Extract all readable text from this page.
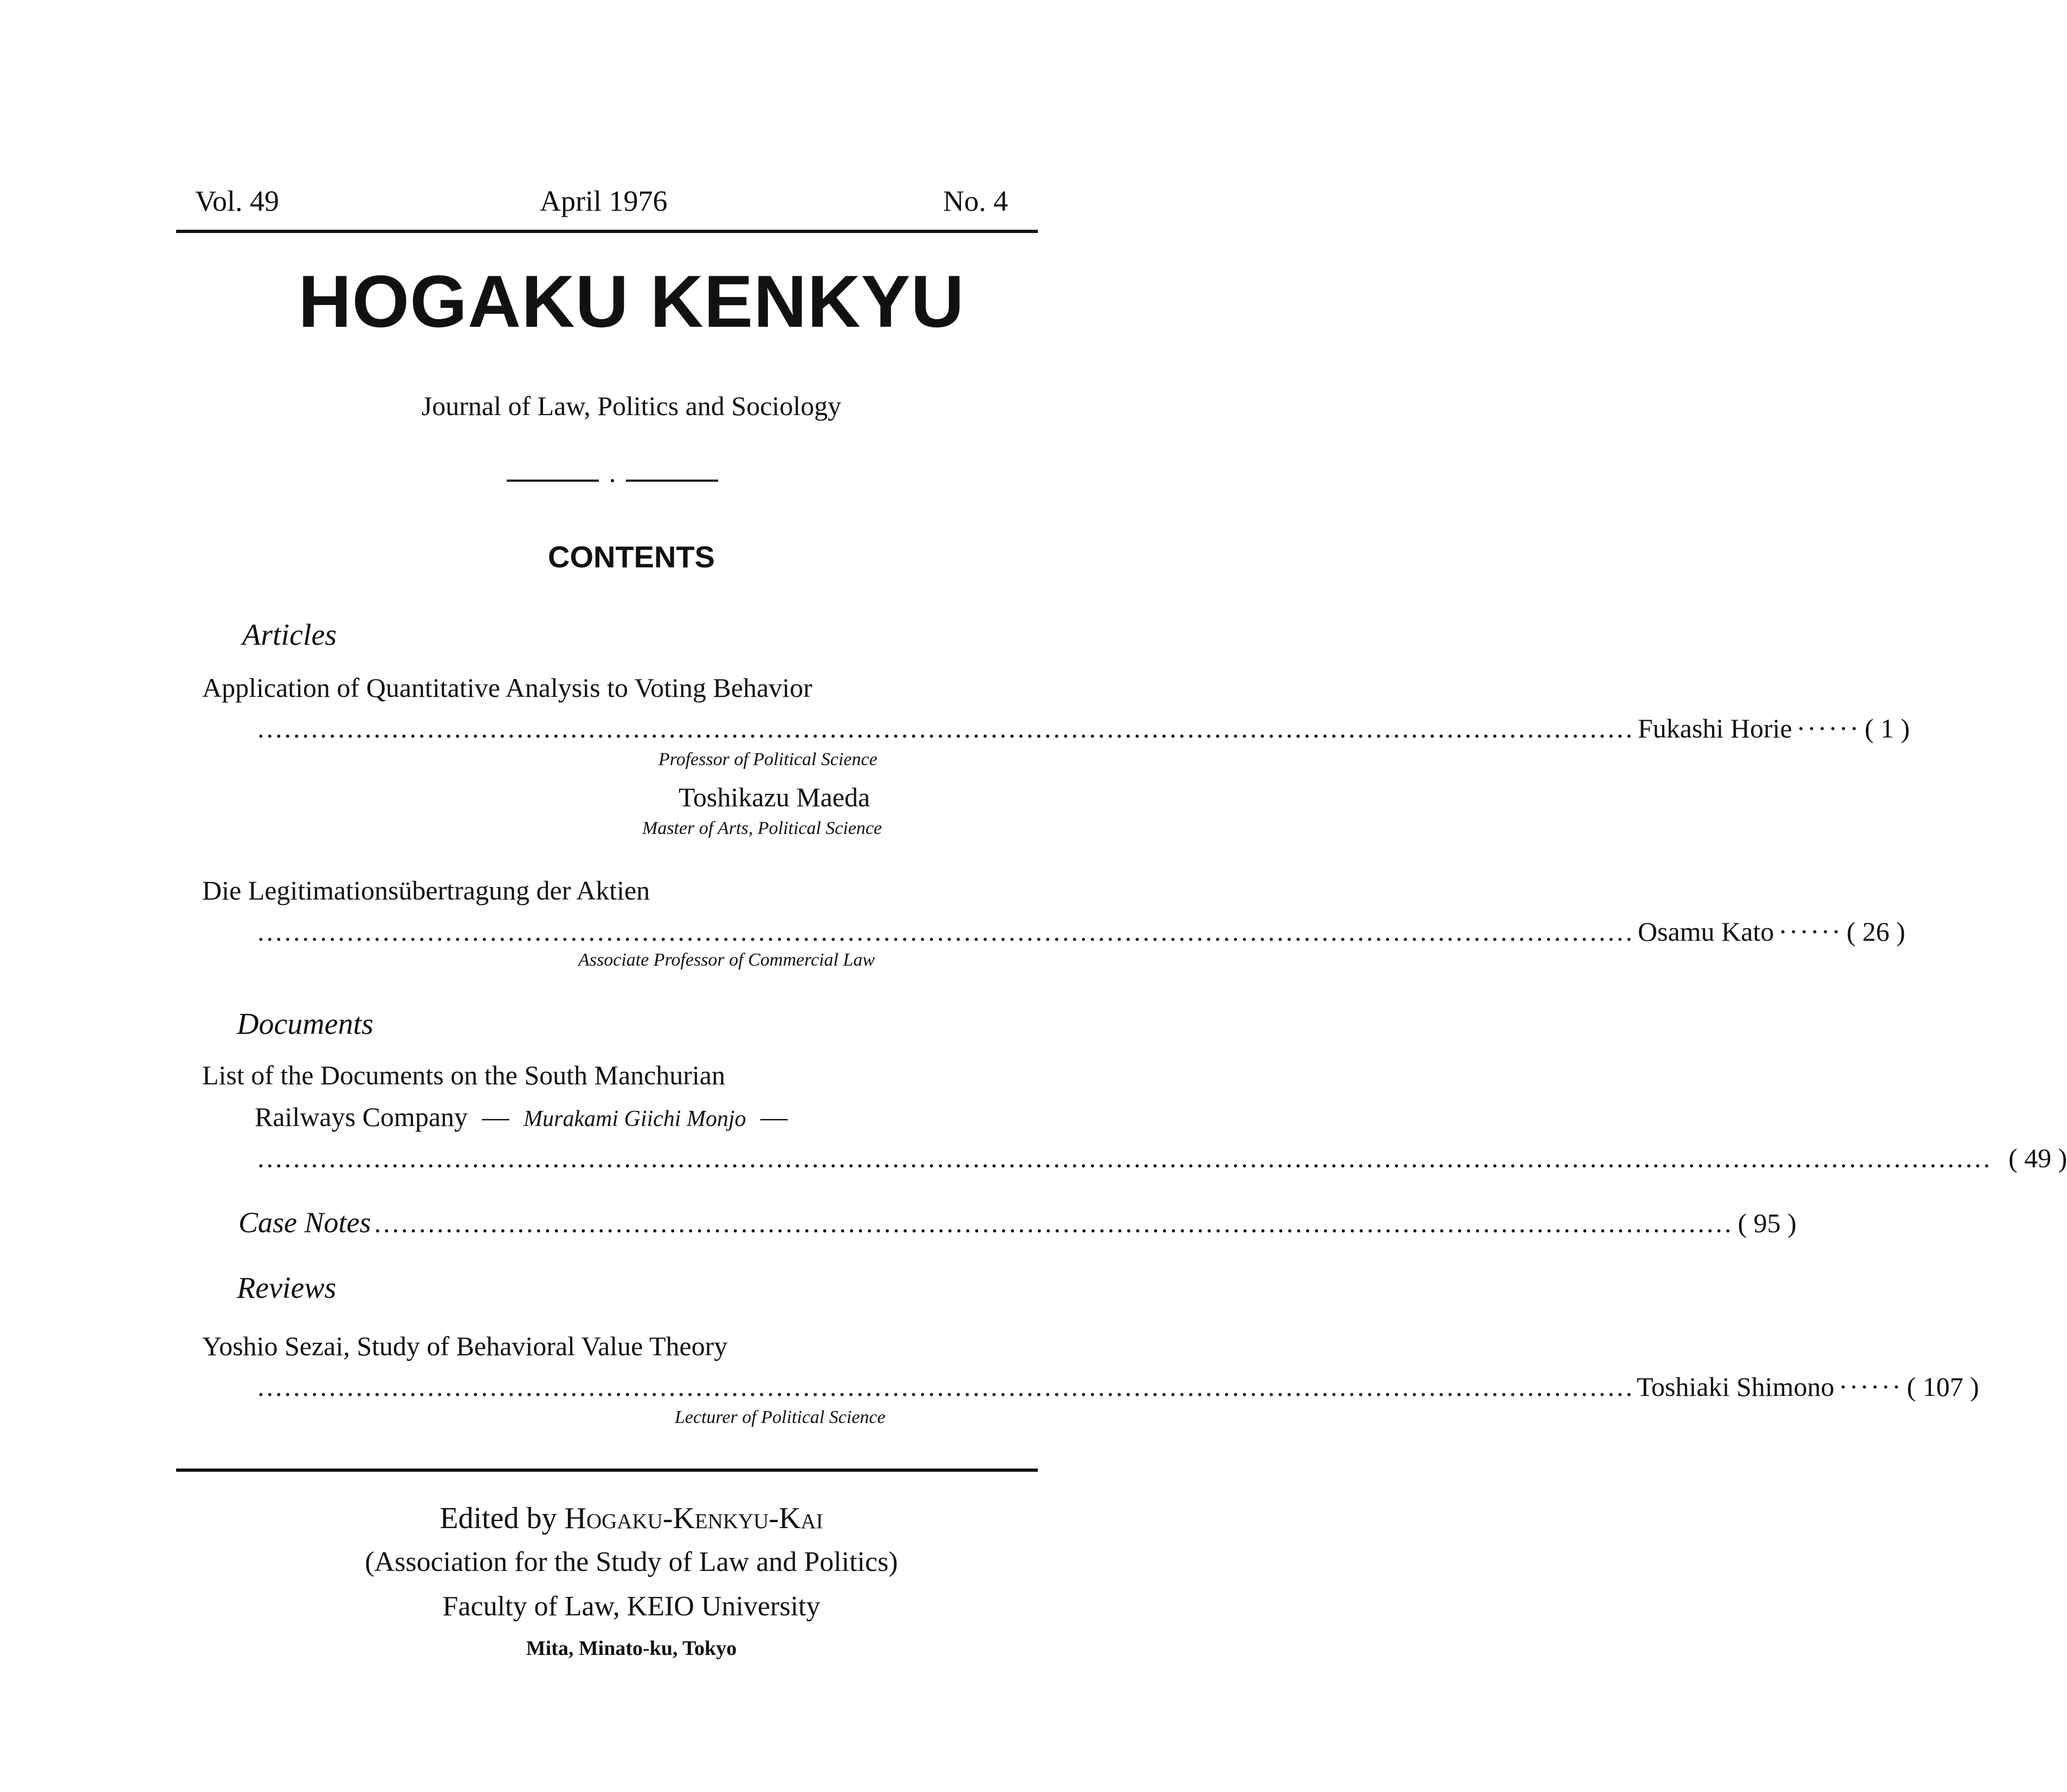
Vol. 49	April 1976	No. 4
HOGAKU KENKYU
Journal of Law, Politics and Sociology
CONTENTS
Articles
Application of Quantitative Analysis to Voting Behavior
.......................................................................................................................................................... Fukashi Horie ······ ( 1 )
Professor of Political Science
Toshikazu Maeda
Master of Arts, Political Science
Die Legitimationsübertragung der Aktien
.......................................................................................................................................................... Osamu Kato ······ ( 26 )
Associate Professor of Commercial Law
Documents
List of the Documents on the South Manchurian
Railways Company — Murakami Giichi Monjo —
.................................................................................................................................................................................................. ( 49 )
Case Notes ........................................................................................................................................................ ( 95 )
Reviews
Yoshio Sezai, Study of Behavioral Value Theory
.......................................................................................................................................................... Toshiaki Shimono ······ ( 107 )
Lecturer of Political Science
Edited by Hogaku-Kenkyu-Kai
(Association for the Study of Law and Politics)
Faculty of Law, KEIO University
Mita, Minato-ku, Tokyo
